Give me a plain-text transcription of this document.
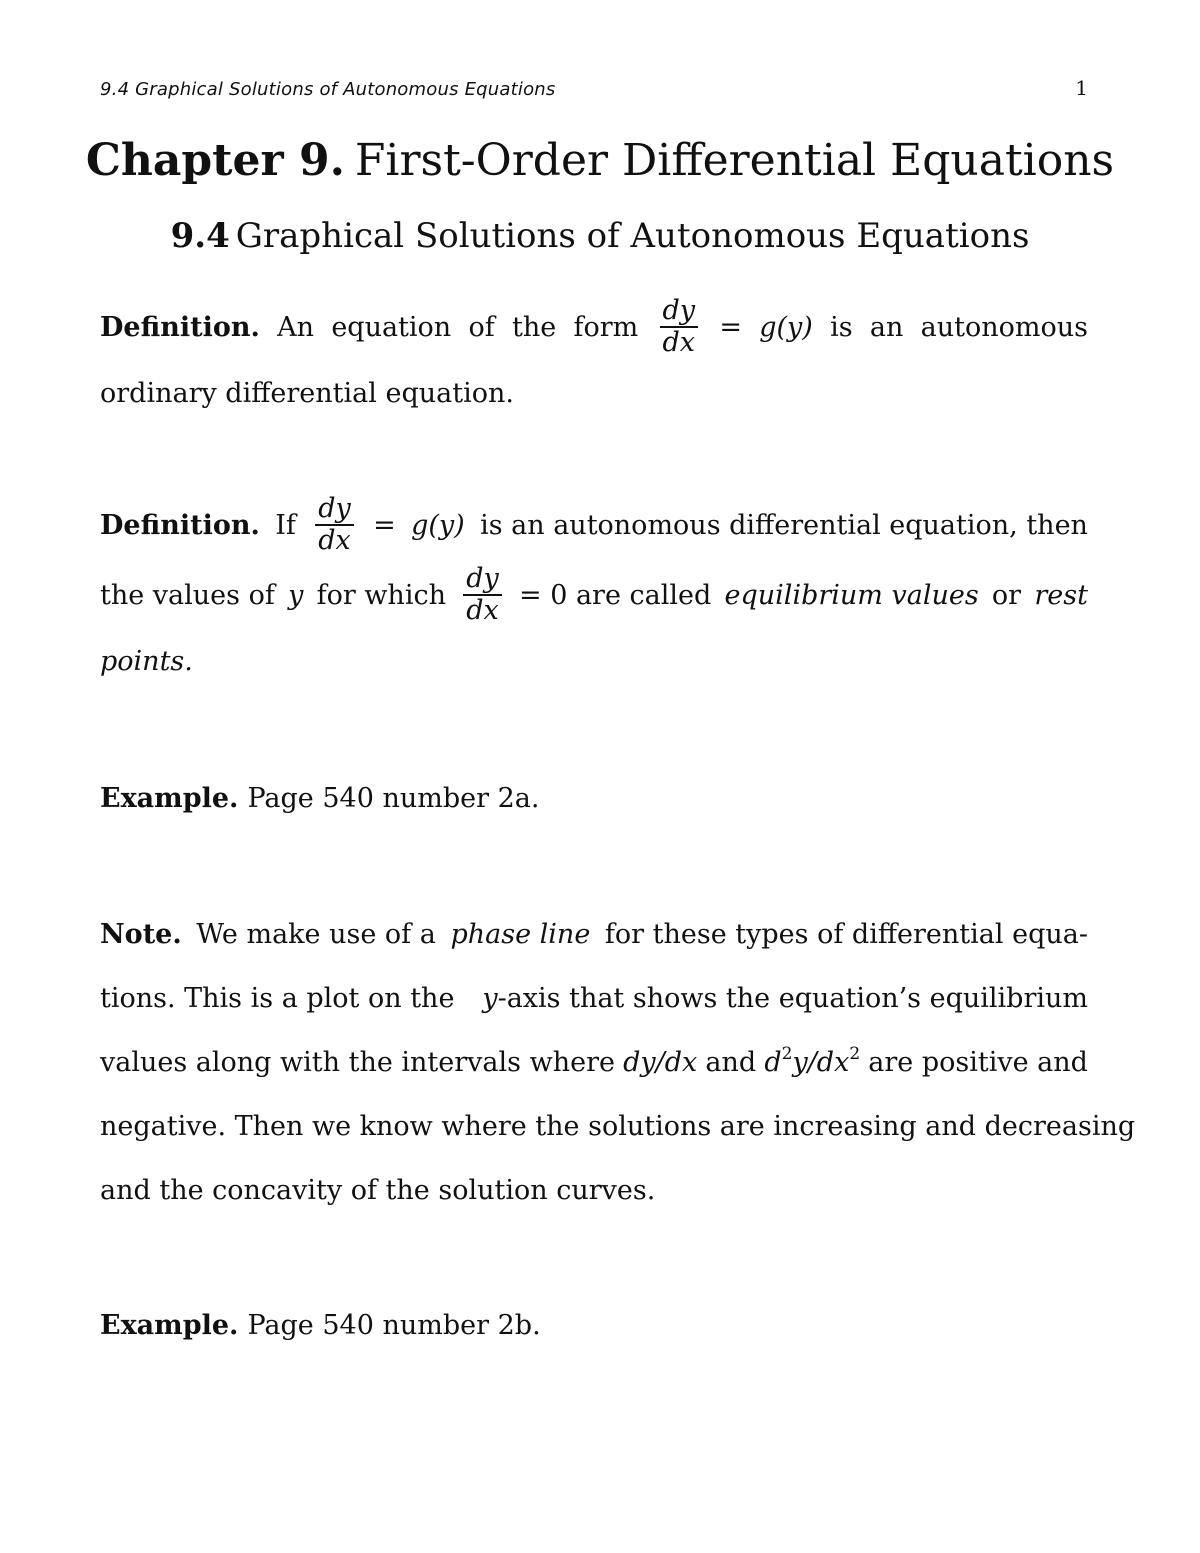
9.4 Graphical Solutions of Autonomous Equations	1
Chapter 9. First-Order Differential Equations
9.4 Graphical Solutions of Autonomous Equations
Definition. An equation of the form $\frac{dy}{dx} = g(y)$ is an autonomous
ordinary differential equation.
Definition. If $\frac{dy}{dx} = g(y)$ is an autonomous differential equation, then
the values of y for which $\frac{dy}{dx} = 0$ are called equilibrium values or rest
points.
Example. Page 540 number 2a.
Note. We make use of a phase line for these types of differential equa-
tions. This is a plot on the y-axis that shows the equation’s equilibrium
values along with the intervals where dy/dx and $d^2y/dx^2$ are positive and
negative. Then we know where the solutions are increasing and decreasing
and the concavity of the solution curves.
Example. Page 540 number 2b.
